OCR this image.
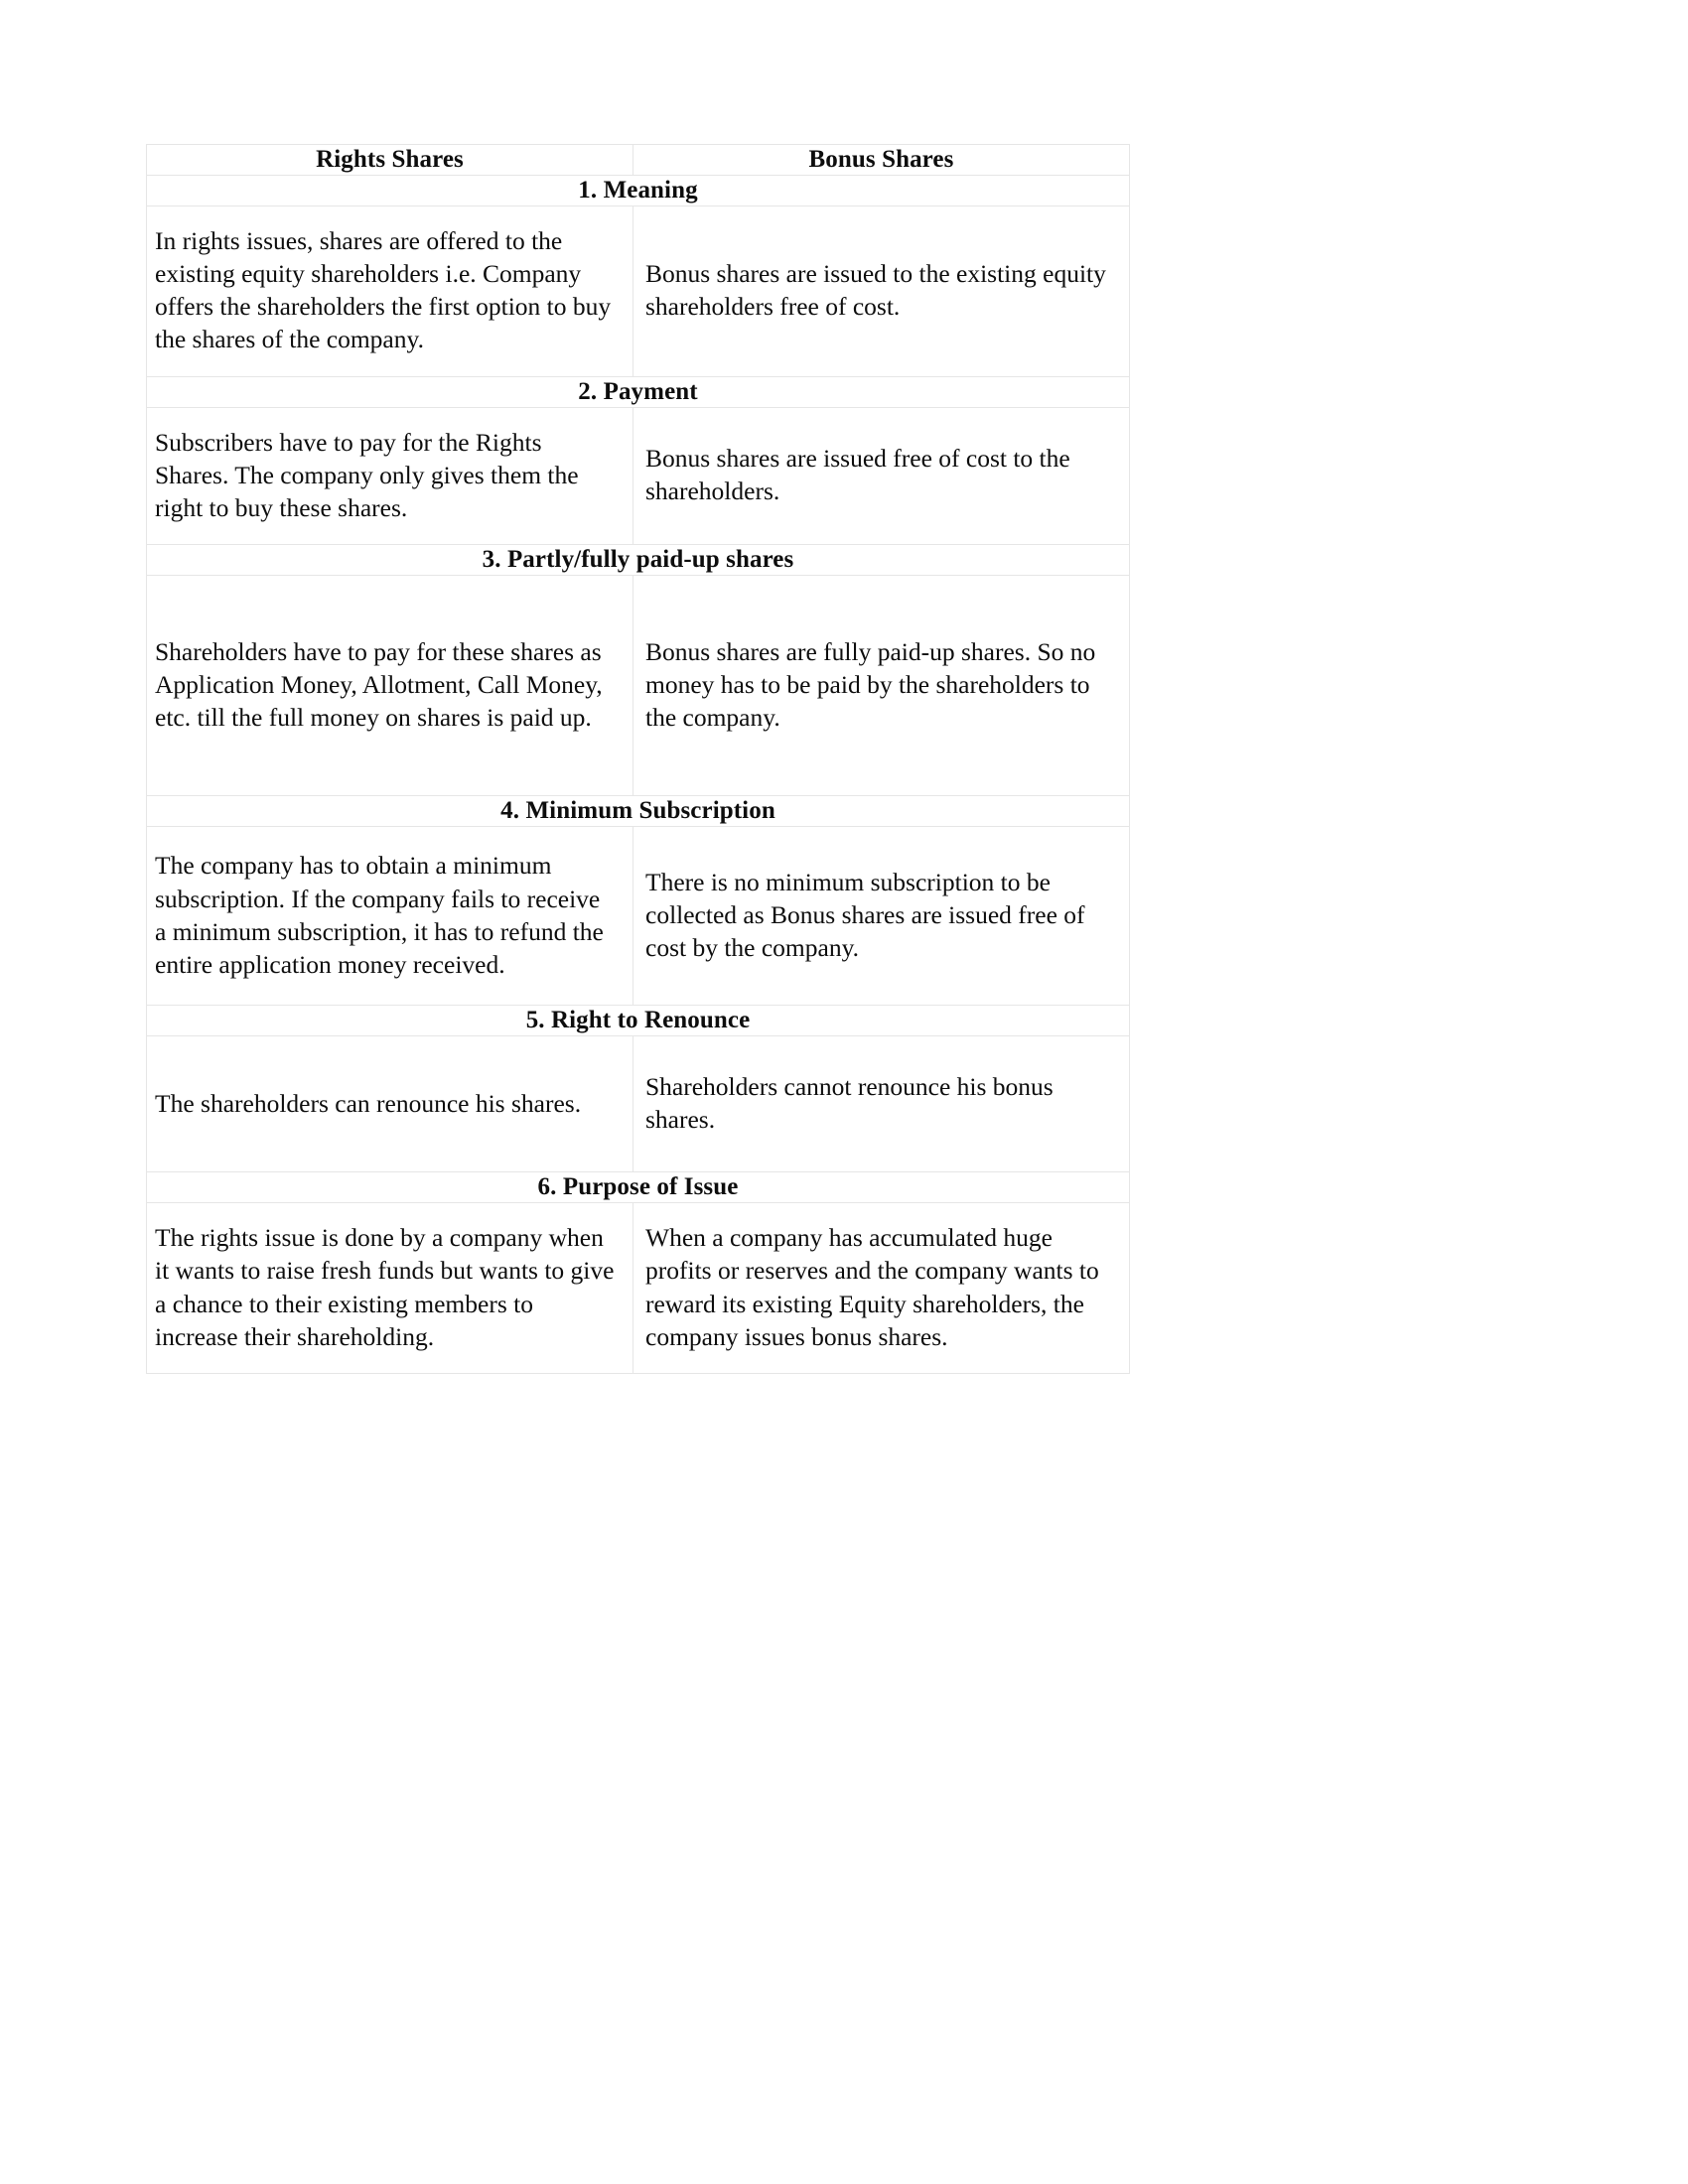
Rights Shares	Bonus Shares
1. Meaning	
In rights issues, shares are offered to the existing equity shareholders i.e. Company offers the shareholders the first option to buy the shares of the company.	Bonus shares are issued to the existing equity shareholders free of cost.
2. Payment	
Subscribers have to pay for the Rights Shares. The company only gives them the right to buy these shares.	Bonus shares are issued free of cost to the shareholders.
3. Partly/fully paid-up shares	
Shareholders have to pay for these shares as Application Money, Allotment, Call Money, etc. till the full money on shares is paid up.	Bonus shares are fully paid-up shares. So no money has to be paid by the shareholders to the company.
4. Minimum Subscription	
The company has to obtain a minimum subscription. If the company fails to receive a minimum subscription, it has to refund the entire application money received.	There is no minimum subscription to be collected as Bonus shares are issued free of cost by the company.
5. Right to Renounce	
The shareholders can renounce his shares.	Shareholders cannot renounce his bonus shares.
6. Purpose of Issue	
The rights issue is done by a company when it wants to raise fresh funds but wants to give a chance to their existing members to increase their shareholding.	When a company has accumulated huge profits or reserves and the company wants to reward its existing Equity shareholders, the company issues bonus shares.
